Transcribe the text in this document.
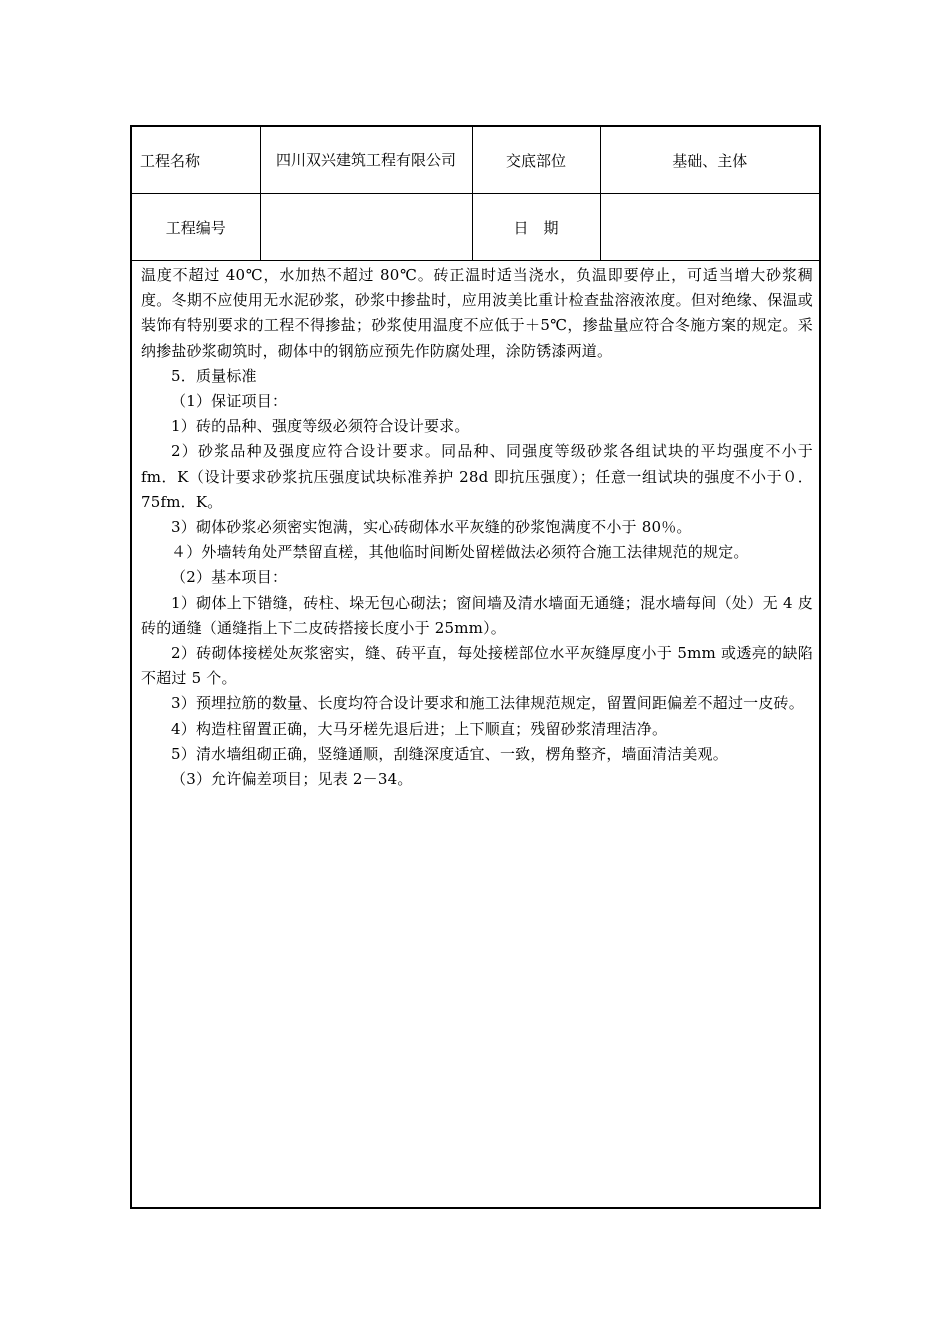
工程名称	四川双兴建筑工程有限公司	交底部位	基础、主体
工程编号		日　期	

温度不超过 40℃，水加热不超过 80℃。砖正温时适当浇水，负温即要停止，可适当增大砂浆稠度。冬期不应使用无水泥砂浆，砂浆中掺盐时，应用波美比重计检查盐溶液浓度。但对绝缘、保温或装饰有特别要求的工程不得掺盐；砂浆使用温度不应低于＋5℃，掺盐量应符合冬施方案的规定。采纳掺盐砂浆砌筑时，砌体中的钢筋应预先作防腐处理，涂防锈漆两道。

5．质量标准

（1）保证项目：

1）砖的品种、强度等级必须符合设计要求。

2）砂浆品种及强度应符合设计要求。同品种、同强度等级砂浆各组试块的平均强度不小于 fm．K（设计要求砂浆抗压强度试块标准养护 28d 即抗压强度）；任意一组试块的强度不小于０．75fm．K。

3）砌体砂浆必须密实饱满，实心砖砌体水平灰缝的砂浆饱满度不小于 80％。

４）外墙转角处严禁留直槎，其他临时间断处留槎做法必须符合施工法律规范的规定。

（2）基本项目：

1）砌体上下错缝，砖柱、垛无包心砌法；窗间墙及清水墙面无通缝；混水墙每间（处）无 4 皮砖的通缝（通缝指上下二皮砖搭接长度小于 25mm）。

2）砖砌体接槎处灰浆密实，缝、砖平直，每处接槎部位水平灰缝厚度小于 5mm 或透亮的缺陷不超过 5 个。

3）预埋拉筋的数量、长度均符合设计要求和施工法律规范规定，留置间距偏差不超过一皮砖。

4）构造柱留置正确，大马牙槎先退后进；上下顺直；残留砂浆清理洁净。

5）清水墙组砌正确，竖缝通顺，刮缝深度适宜、一致，楞角整齐，墙面清洁美观。

（3）允许偏差项目；见表 2－34。
